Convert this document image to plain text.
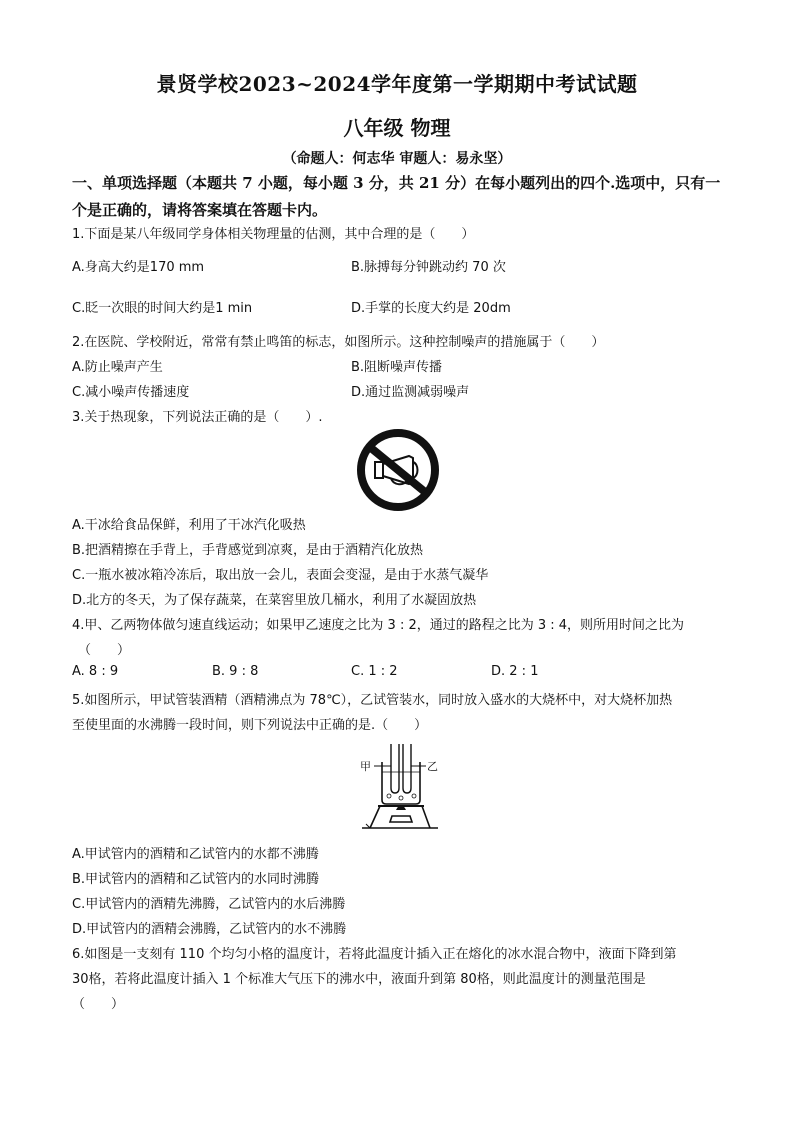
景贤学校2023~2024学年度第一学期期中考试试题
八年级 物理
（命题人：何志华 审题人：易永坚）
一、单项选择题（本题共 7 小题，每小题 3 分，共 21 分）在每小题列出的四个.选项中，只有一个是正确的，请将答案填在答题卡内。
1.下面是某八年级同学身体相关物理量的估测，其中合理的是（　　）
A.身高大约是170 mm	B.脉搏每分钟跳动约 70 次
C.眨一次眼的时间大约是1 min	D.手掌的长度大约是 20dm
2.在医院、学校附近，常常有禁止鸣笛的标志，如图所示。这种控制噪声的措施属于（　　）
A.防止噪声产生	B.阻断噪声传播
C.减小噪声传播速度	D.通过监测减弱噪声
3.关于热现象，下列说法正确的是（　　）.
A.干冰给食品保鲜，利用了干冰汽化吸热
B.把酒精擦在手背上，手背感觉到凉爽，是由于酒精汽化放热
C.一瓶水被冰箱冷冻后，取出放一会儿，表面会变湿，是由于水蒸气凝华
D.北方的冬天，为了保存蔬菜，在菜窖里放几桶水，利用了水凝固放热
4.甲、乙两物体做匀速直线运动；如果甲乙速度之比为 3 : 2，通过的路程之比为 3 : 4，则所用时间之比为
（　　）
A. 8 : 9	B. 9 : 8	C. 1 : 2	D. 2 : 1
5.如图所示，甲试管装酒精（酒精沸点为 78℃），乙试管装水，同时放入盛水的大烧杯中，对大烧杯加热
至使里面的水沸腾一段时间，则下列说法中正确的是.（　　）
甲	乙
A.甲试管内的酒精和乙试管内的水都不沸腾
B.甲试管内的酒精和乙试管内的水同时沸腾
C.甲试管内的酒精先沸腾，乙试管内的水后沸腾
D.甲试管内的酒精会沸腾，乙试管内的水不沸腾
6.如图是一支刻有 110 个均匀小格的温度计，若将此温度计插入正在熔化的冰水混合物中，液面下降到第
30格，若将此温度计插入 1 个标准大气压下的沸水中，液面升到第 80格，则此温度计的测量范围是
（　　）
